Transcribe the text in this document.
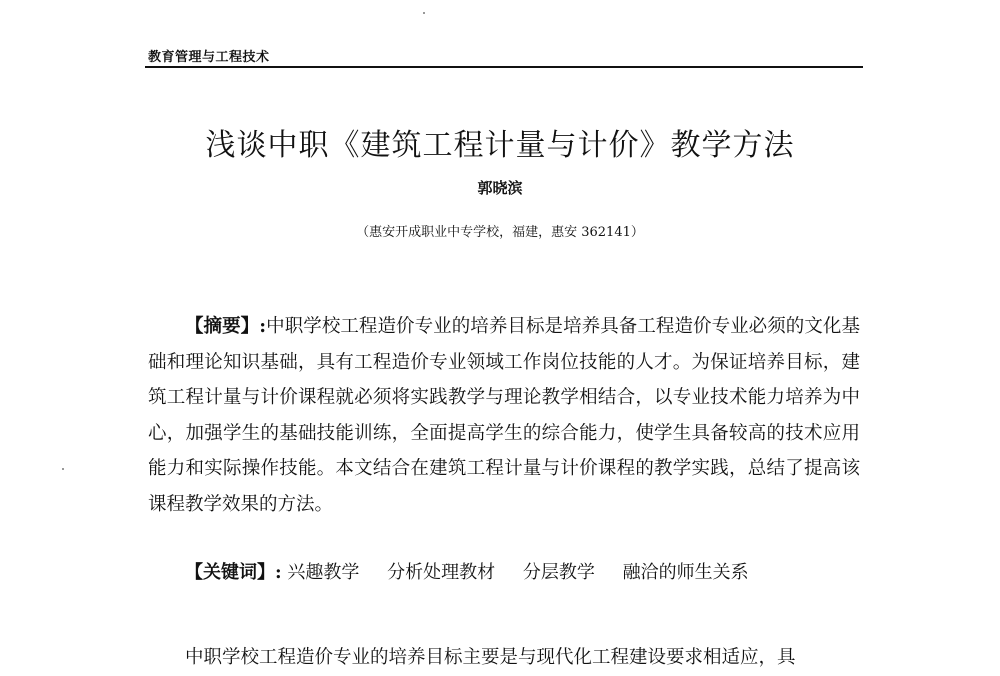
教育管理与工程技术
浅谈中职《建筑工程计量与计价》教学方法
郭晓滨
（惠安开成职业中专学校，福建，惠安 362141）

【摘要】:中职学校工程造价专业的培养目标是培养具备工程造价专业必须的文化基础和理论知识基础，具有工程造价专业领域工作岗位技能的人才。为保证培养目标，建筑工程计量与计价课程就必须将实践教学与理论教学相结合，以专业技术能力培养为中心，加强学生的基础技能训练，全面提高学生的综合能力，使学生具备较高的技术应用能力和实际操作技能。本文结合在建筑工程计量与计价课程的教学实践，总结了提高该课程教学效果的方法。

【关键词】: 兴趣教学 分析处理教材 分层教学 融洽的师生关系

中职学校工程造价专业的培养目标主要是与现代化工程建设要求相适应，具
